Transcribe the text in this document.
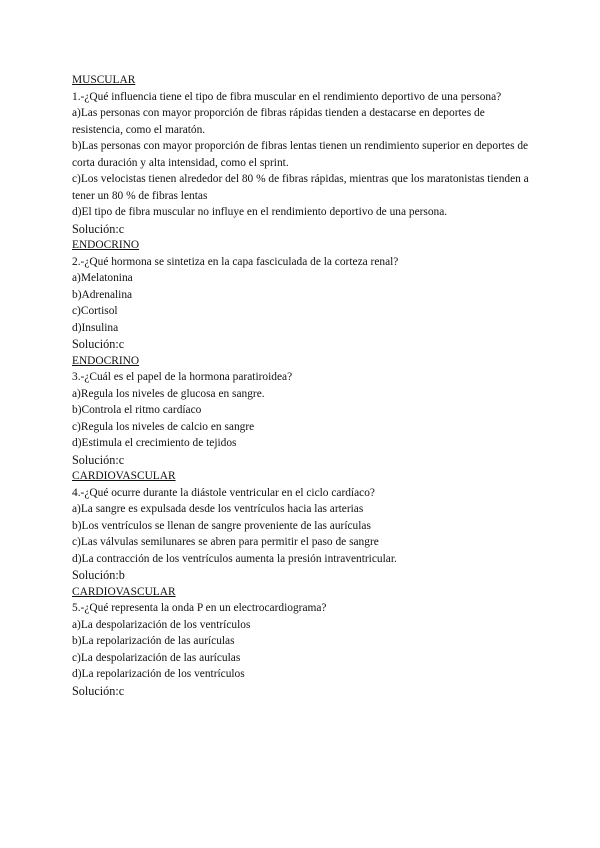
MUSCULAR
1.-¿Qué influencia tiene el tipo de fibra muscular en el rendimiento deportivo de una persona?
a)Las personas con mayor proporción de fibras rápidas tienden a destacarse en deportes de resistencia, como el maratón.
b)Las personas con mayor proporción de fibras lentas tienen un rendimiento superior en deportes de corta duración y alta intensidad, como el sprint.
c)Los velocistas tienen alrededor del 80 % de fibras rápidas, mientras que los maratonistas tienden a tener un 80 % de fibras lentas
d)El tipo de fibra muscular no influye en el rendimiento deportivo de una persona.
Solución:c
ENDOCRINO
2.-¿Qué hormona se sintetiza en la capa fasciculada de la corteza renal?
a)Melatonina
b)Adrenalina
c)Cortisol
d)Insulina
Solución:c
ENDOCRINO
3.-¿Cuál es el papel de la hormona paratiroidea?
a)Regula los niveles de glucosa en sangre.
b)Controla el ritmo cardíaco
c)Regula los niveles de calcio en sangre
d)Estimula el crecimiento de tejidos
Solución:c
CARDIOVASCULAR
4.-¿Qué ocurre durante la diástole ventricular en el ciclo cardíaco?
a)La sangre es expulsada desde los ventrículos hacia las arterias
b)Los ventrículos se llenan de sangre proveniente de las aurículas
c)Las válvulas semilunares se abren para permitir el paso de sangre
d)La contracción de los ventrículos aumenta la presión intraventricular.
Solución:b
CARDIOVASCULAR
5.-¿Qué representa la onda P en un electrocardiograma?
a)La despolarización de los ventrículos
b)La repolarización de las aurículas
c)La despolarización de las aurículas
d)La repolarización de los ventrículos
Solución:c
